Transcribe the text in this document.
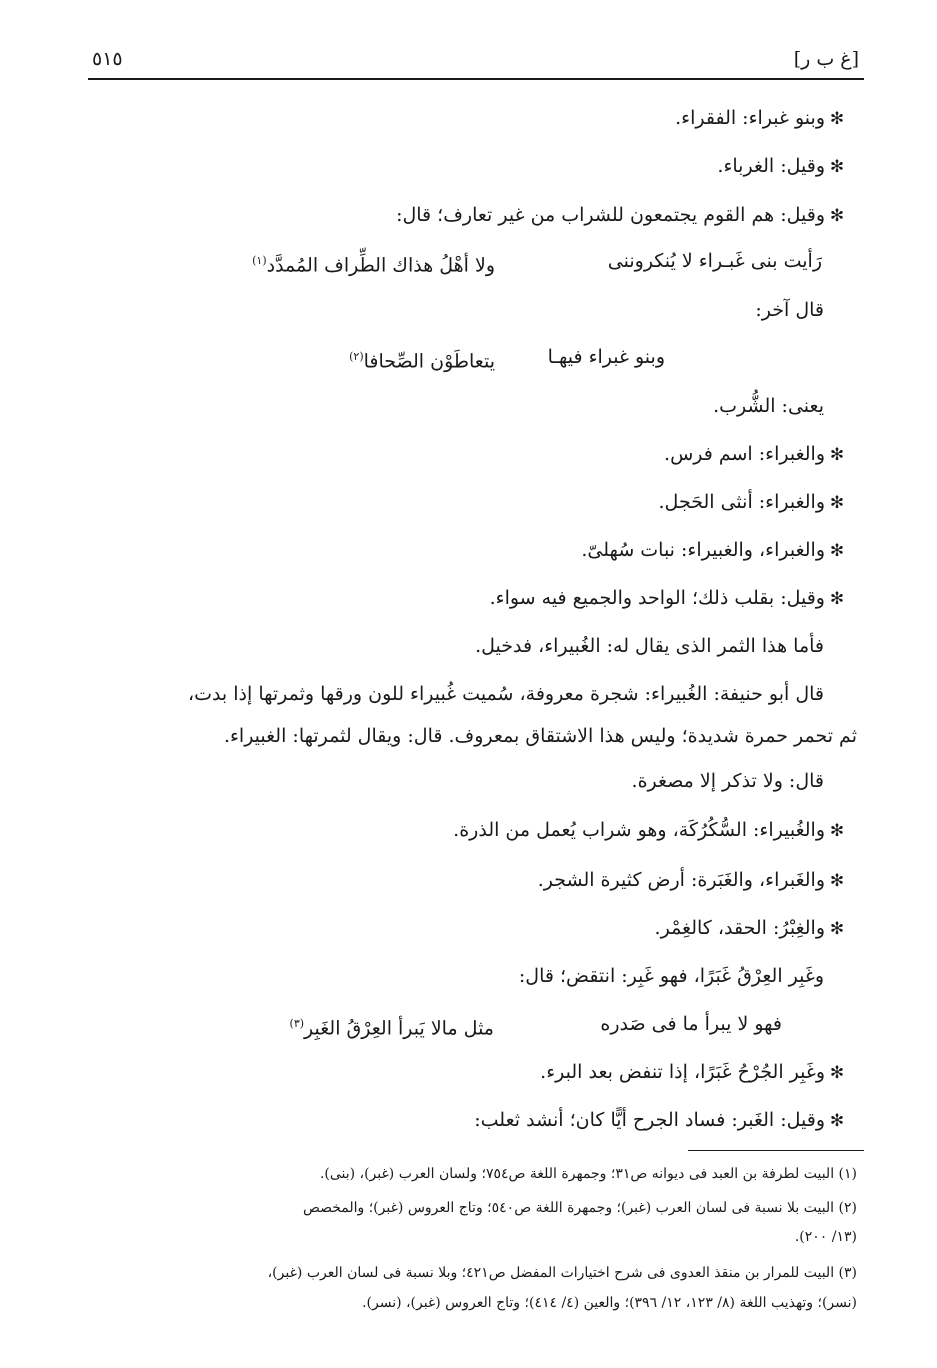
[غ ب ر]
٥١٥
✻وبنو غبراء: الفقراء.
✻وقيل: الغرباء.
✻وقيل: هم القوم يجتمعون للشراب من غير تعارف؛ قال:
رَأيت بنى غَبـراء لا يُنكروننى
ولا أهْلُ هذاك الطِّراف المُمدَّد$^{(١)}$
قال آخر:
وبنو غبراء فيهـا
يتعاطَوْن الصِّحافا$^{(٢)}$
يعنى: الشُّرب.
✻والغبراء: اسم فرس.
✻والغبراء: أنثى الحَجل.
✻والغبراء، والغبيراء: نبات سُهلىّ.
✻وقيل: بقلب ذلك؛ الواحد والجميع فيه سواء.
فأما هذا الثمر الذى يقال له: الغُبيراء، فدخيل.
قال أبو حنيفة: الغُبيراء: شجرة معروفة، سُميت غُبيراء للون ورقها وثمرتها إذا بدت،
ثم تحمر حمرة شديدة؛ وليس هذا الاشتقاق بمعروف. قال: ويقال لثمرتها: الغبيراء.
قال: ولا تذكر إلا مصغرة.
✻والغُبيراء: السُّكُرُكَة، وهو شراب يُعمل من الذرة.
✻والغَبراء، والغَبَرة: أرض كثيرة الشجر.
✻والغِبْرُ: الحقد، كالغِمْر.
وغَبِر العِرْقُ غَبَرًا، فهو غَبِر: انتقض؛ قال:
فهو لا يبرأ ما فى صَدره
مثل مالا يَبرأ العِرْقُ الغَبِر$^{(٣)}$
✻وغَبِر الجُرْحُ غَبَرًا، إذا تنفض بعد البرء.
✻وقيل: الغَبر: فساد الجرح أيًّا كان؛ أنشد ثعلب:
(١) البيت لطرفة بن العبد فى ديوانه ص٣١؛ وجمهرة اللغة ص٧٥٤؛ ولسان العرب (غبر)، (بنى).
(٢) البيت بلا نسبة فى لسان العرب (غبر)؛ وجمهرة اللغة ص٥٤٠؛ وتاج العروس (غبر)؛ والمخصص
(١٣/ ٢٠٠).
(٣) البيت للمرار بن منقذ العدوى فى شرح اختيارات المفضل ص٤٢١؛ وبلا نسبة فى لسان العرب (غبر)،
(نسر)؛ وتهذيب اللغة (٨/ ١٢٣، ١٢/ ٣٩٦)؛ والعين (٤/ ٤١٤)؛ وتاج العروس (غبر)، (نسر).
